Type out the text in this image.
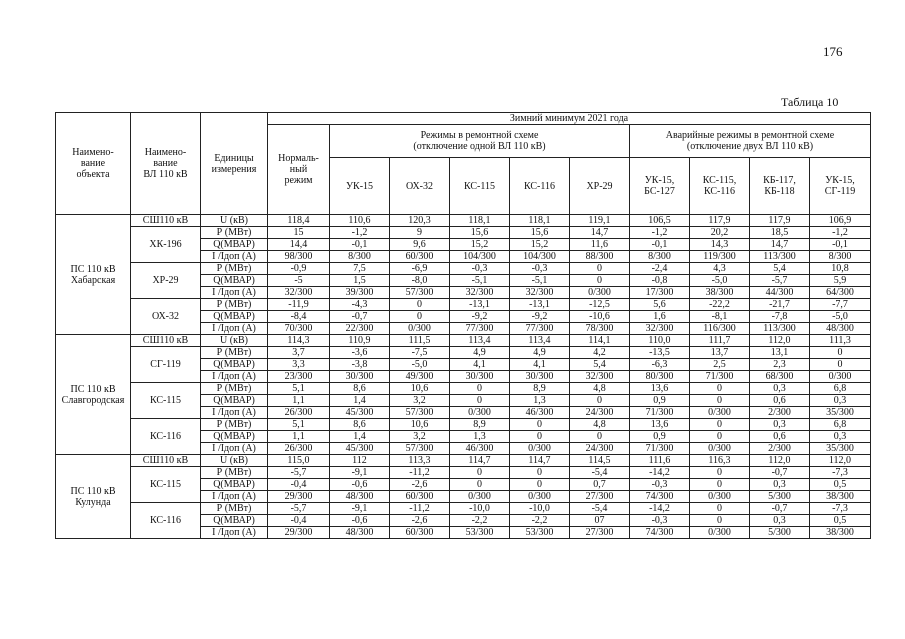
176
Таблица 10
Наимено-
вание
объекта	Наимено-
вание
ВЛ 110 кВ	Единицы
измерения	Зимний минимум 2021 года									
			Нормаль-
ный
режим	Режимы в ремонтной схеме
(отключение одной ВЛ 110 кВ)					Аварийные режимы в ремонтной схеме
(отключение двух ВЛ 110 кВ)			
				УК-15	ОХ-32	КС-115	КС-116	ХР-29	УК-15,
БС-127	КС-115,
КС-116	КБ-117,
КБ-118	УК-15,
СГ-119
ПС 110 кВ
Хабарская	СШ110 кВ	U (кВ)	118,4	110,6	120,3	118,1	118,1	119,1	106,5	117,9	117,9	106,9
	ХК-196	Р (МВт)	15	-1,2	9	15,6	15,6	14,7	-1,2	20,2	18,5	-1,2
		Q(МВАР)	14,4	-0,1	9,6	15,2	15,2	11,6	-0,1	14,3	14,7	-0,1
		I /Iдоп (А)	98/300	8/300	60/300	104/300	104/300	88/300	8/300	119/300	113/300	8/300
	ХР-29	Р (МВт)	-0,9	7,5	-6,9	-0,3	-0,3	0	-2,4	4,3	5,4	10,8
		Q(МВАР)	-5	1,5	-8,0	-5,1	-5,1	0	-0,8	-5,0	-5,7	5,9
		I /Iдоп (А)	32/300	39/300	57/300	32/300	32/300	0/300	17/300	38/300	44/300	64/300
	ОХ-32	Р (МВт)	-11,9	-4,3	0	-13,1	-13,1	-12,5	5,6	-22,2	-21,7	-7,7
		Q(МВАР)	-8,4	-0,7	0	-9,2	-9,2	-10,6	1,6	-8,1	-7,8	-5,0
		I /Iдоп (А)	70/300	22/300	0/300	77/300	77/300	78/300	32/300	116/300	113/300	48/300
ПС 110 кВ
Славгородская	СШ110 кВ	U (кВ)	114,3	110,9	111,5	113,4	113,4	114,1	110,0	111,7	112,0	111,3
	СГ-119	Р (МВт)	3,7	-3,6	-7,5	4,9	4,9	4,2	-13,5	13,7	13,1	0
		Q(МВАР)	3,3	-3,8	-5,0	4,1	4,1	5,4	-6,3	2,5	2,3	0
		I /Iдоп (А)	23/300	30/300	49/300	30/300	30/300	32/300	80/300	71/300	68/300	0/300
	КС-115	Р (МВт)	5,1	8,6	10,6	0	8,9	4,8	13,6	0	0,3	6,8
		Q(МВАР)	1,1	1,4	3,2	0	1,3	0	0,9	0	0,6	0,3
		I /Iдоп (А)	26/300	45/300	57/300	0/300	46/300	24/300	71/300	0/300	2/300	35/300
	КС-116	Р (МВт)	5,1	8,6	10,6	8,9	0	4,8	13,6	0	0,3	6,8
		Q(МВАР)	1,1	1,4	3,2	1,3	0	0	0,9	0	0,6	0,3
		I /Iдоп (А)	26/300	45/300	57/300	46/300	0/300	24/300	71/300	0/300	2/300	35/300
ПС 110 кВ
Кулунда	СШ110 кВ	U (кВ)	115,0	112	113,3	114,7	114,7	114,5	111,6	116,3	112,0	112,0
	КС-115	Р (МВт)	-5,7	-9,1	-11,2	0	0	-5,4	-14,2	0	-0,7	-7,3
		Q(МВАР)	-0,4	-0,6	-2,6	0	0	0,7	-0,3	0	0,3	0,5
		I /Iдоп (А)	29/300	48/300	60/300	0/300	0/300	27/300	74/300	0/300	5/300	38/300
	КС-116	Р (МВт)	-5,7	-9,1	-11,2	-10,0	-10,0	-5,4	-14,2	0	-0,7	-7,3
		Q(МВАР)	-0,4	-0,6	-2,6	-2,2	-2,2	07	-0,3	0	0,3	0,5
		I /Iдоп (А)	29/300	48/300	60/300	53/300	53/300	27/300	74/300	0/300	5/300	38/300
